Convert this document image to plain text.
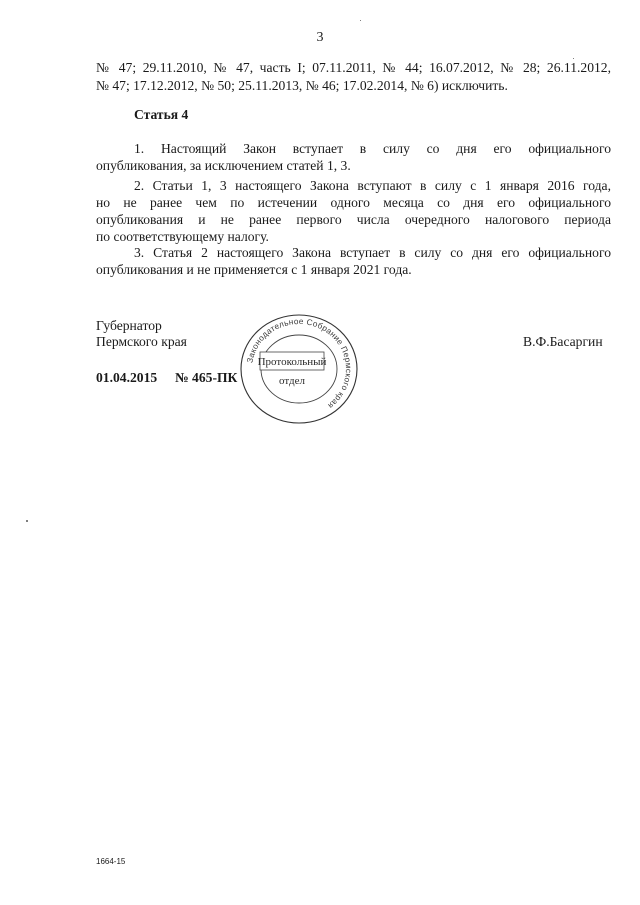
3
№ 47; 29.11.2010, № 47, часть I; 07.11.2011, № 44; 16.07.2012, № 28; 26.11.2012,
№ 47; 17.12.2012, № 50; 25.11.2013, № 46; 17.02.2014, № 6) исключить.
Статья 4
1. Настоящий Закон вступает в силу со дня его официального
опубликования, за исключением статей 1, 3.
2. Статьи 1, 3 настоящего Закона вступают в силу с 1 января 2016 года,
но не ранее чем по истечении одного месяца со дня его официального
опубликования и не ранее первого числа очередного налогового периода
по соответствующему налогу.
3. Статья 2 настоящего Закона вступает в силу со дня его официального
опубликования и не применяется с 1 января 2021 года.
Губернатор
Пермского края	В.Ф.Басаргин
01.04.2015 № 465-ПК
Законодательное Собрание Пермского края
Протокольный
отдел
1664-15
